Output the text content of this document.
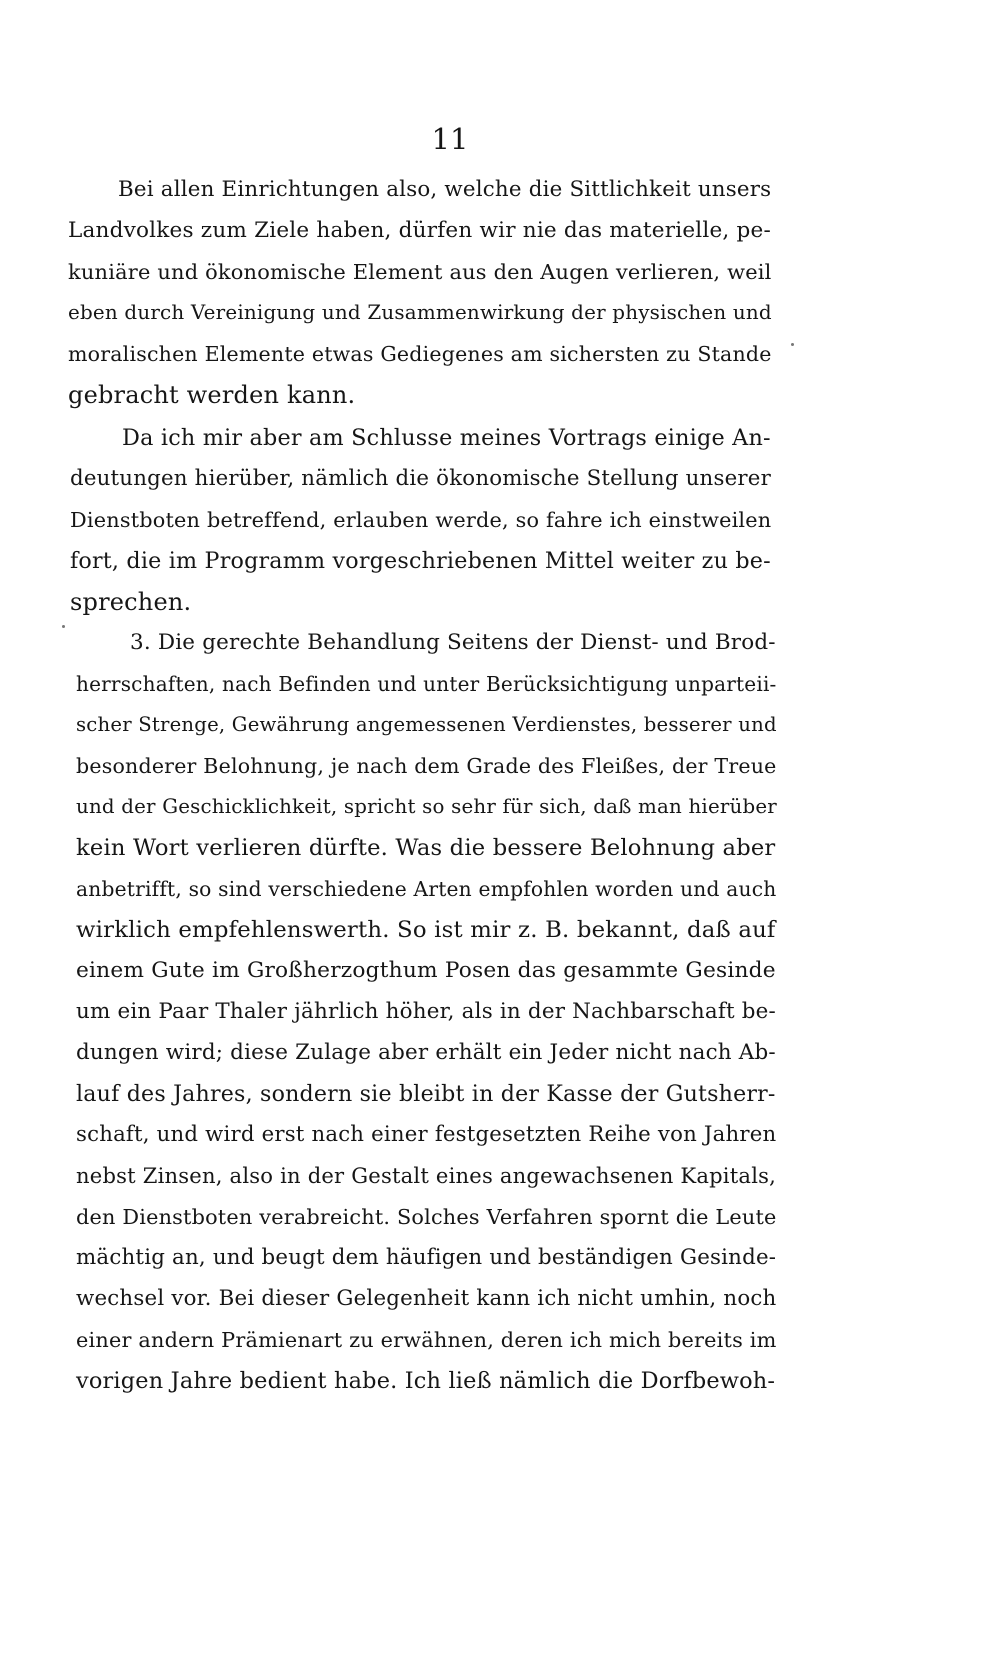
11
Bei allen Einrichtungen also, welche die Sittlichkeit unsers
Landvolkes zum Ziele haben, dürfen wir nie das materielle, pe-
kuniäre und ökonomische Element aus den Augen verlieren, weil
eben durch Vereinigung und Zusammenwirkung der physischen und
moralischen Elemente etwas Gediegenes am sichersten zu Stande
gebracht werden kann.
Da ich mir aber am Schlusse meines Vortrags einige An-
deutungen hierüber, nämlich die ökonomische Stellung unserer
Dienstboten betreffend, erlauben werde, so fahre ich einstweilen
fort, die im Programm vorgeschriebenen Mittel weiter zu be-
sprechen.
3. Die gerechte Behandlung Seitens der Dienst- und Brod-
herrschaften, nach Befinden und unter Berücksichtigung unparteii-
scher Strenge, Gewährung angemessenen Verdienstes, besserer und
besonderer Belohnung, je nach dem Grade des Fleißes, der Treue
und der Geschicklichkeit, spricht so sehr für sich, daß man hierüber
kein Wort verlieren dürfte. Was die bessere Belohnung aber
anbetrifft, so sind verschiedene Arten empfohlen worden und auch
wirklich empfehlenswerth. So ist mir z. B. bekannt, daß auf
einem Gute im Großherzogthum Posen das gesammte Gesinde
um ein Paar Thaler jährlich höher, als in der Nachbarschaft be-
dungen wird; diese Zulage aber erhält ein Jeder nicht nach Ab-
lauf des Jahres, sondern sie bleibt in der Kasse der Gutsherr-
schaft, und wird erst nach einer festgesetzten Reihe von Jahren
nebst Zinsen, also in der Gestalt eines angewachsenen Kapitals,
den Dienstboten verabreicht. Solches Verfahren spornt die Leute
mächtig an, und beugt dem häufigen und beständigen Gesinde-
wechsel vor. Bei dieser Gelegenheit kann ich nicht umhin, noch
einer andern Prämienart zu erwähnen, deren ich mich bereits im
vorigen Jahre bedient habe. Ich ließ nämlich die Dorfbewoh-
